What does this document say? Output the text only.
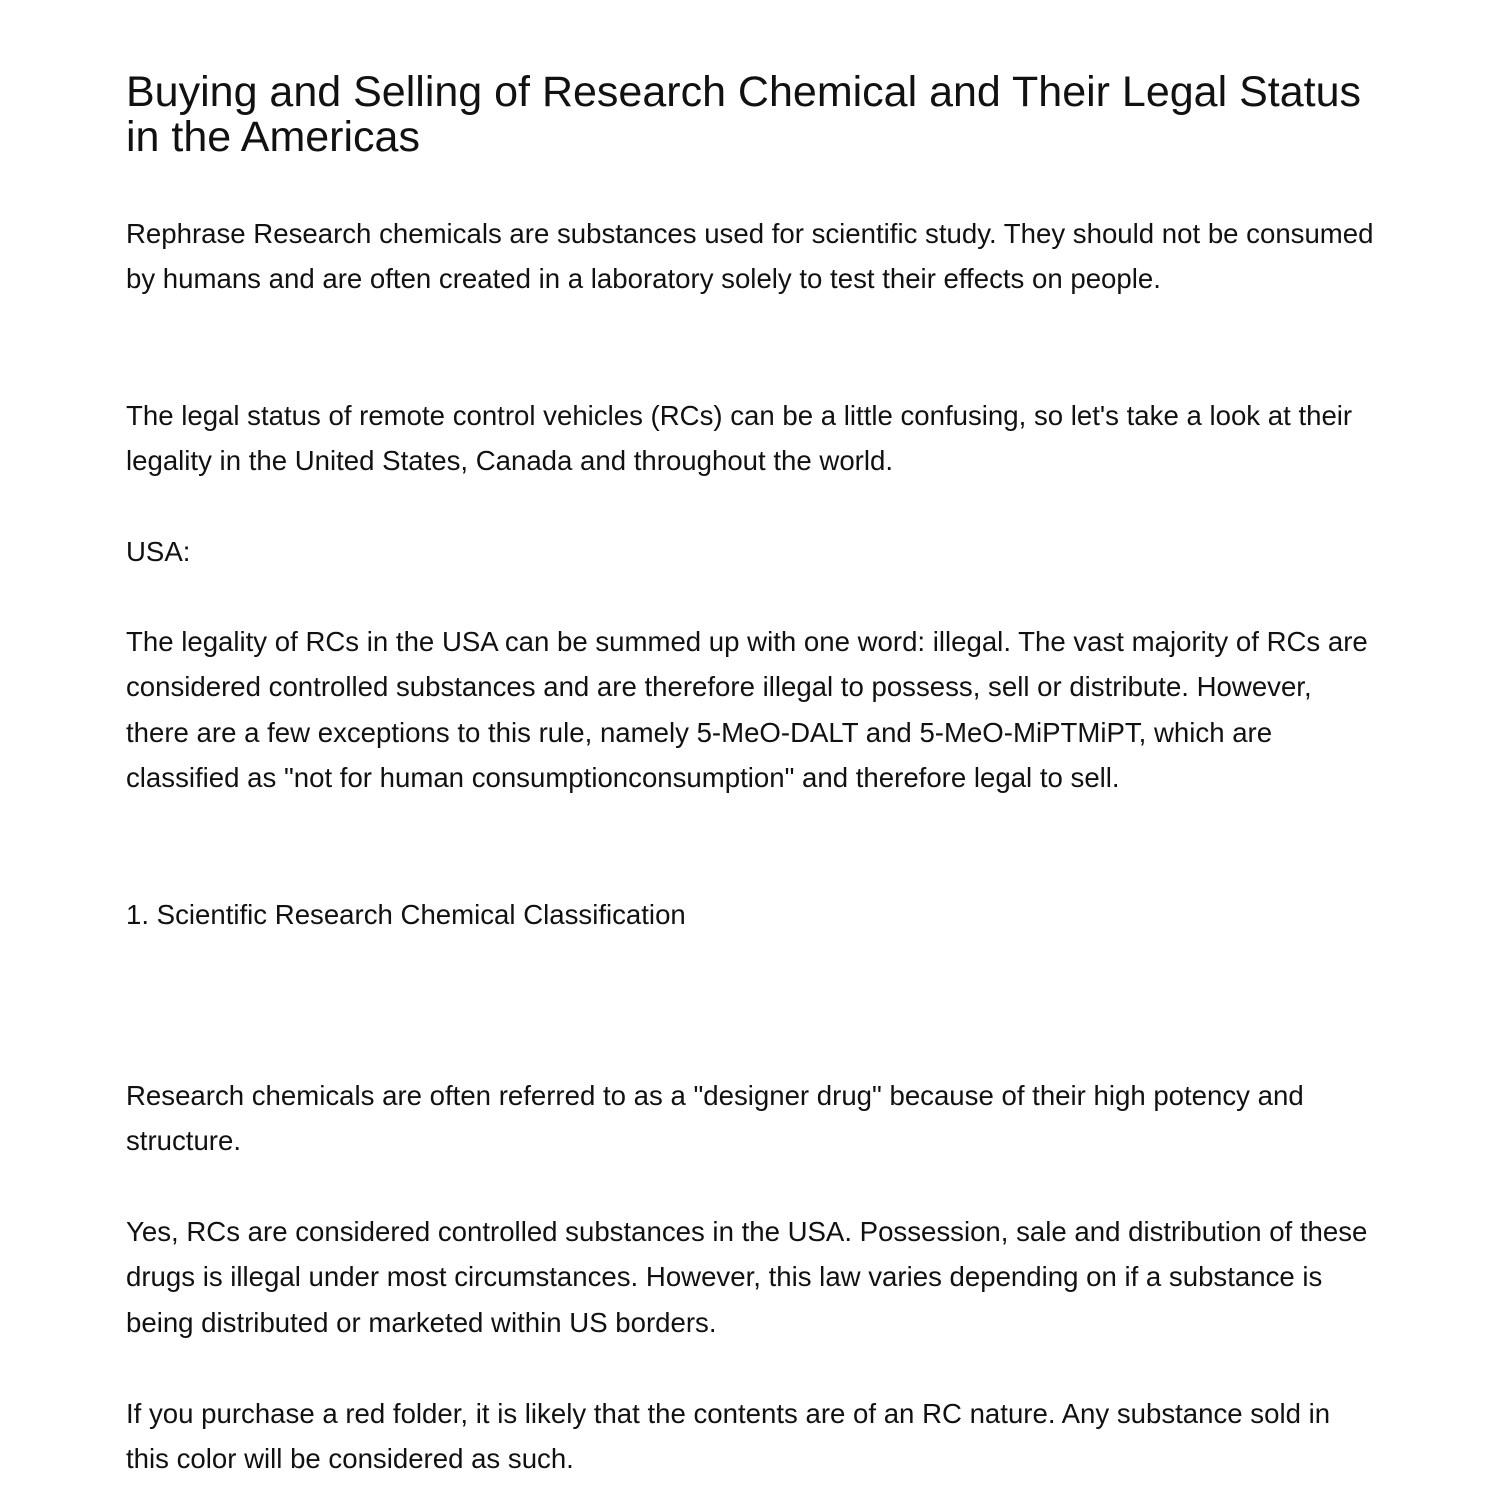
Buying and Selling of Research Chemical and Their Legal Status in the Americas

Rephrase Research chemicals are substances used for scientific study. They should not be consumed by humans and are often created in a laboratory solely to test their effects on people.

The legal status of remote control vehicles (RCs) can be a little confusing, so let's take a look at their legality in the United States, Canada and throughout the world.

USA:

The legality of RCs in the USA can be summed up with one word: illegal. The vast majority of RCs are considered controlled substances and are therefore illegal to possess, sell or distribute. However, there are a few exceptions to this rule, namely 5-MeO-DALT and 5-MeO-MiPTMiPT, which are classified as "not for human consumptionconsumption" and therefore legal to sell.

1. Scientific Research Chemical Classification

Research chemicals are often referred to as a "designer drug" because of their high potency and structure.

Yes, RCs are considered controlled substances in the USA. Possession, sale and distribution of these drugs is illegal under most circumstances. However, this law varies depending on if a substance is being distributed or marketed within US borders.

If you purchase a red folder, it is likely that the contents are of an RC nature. Any substance sold in this color will be considered as such.
